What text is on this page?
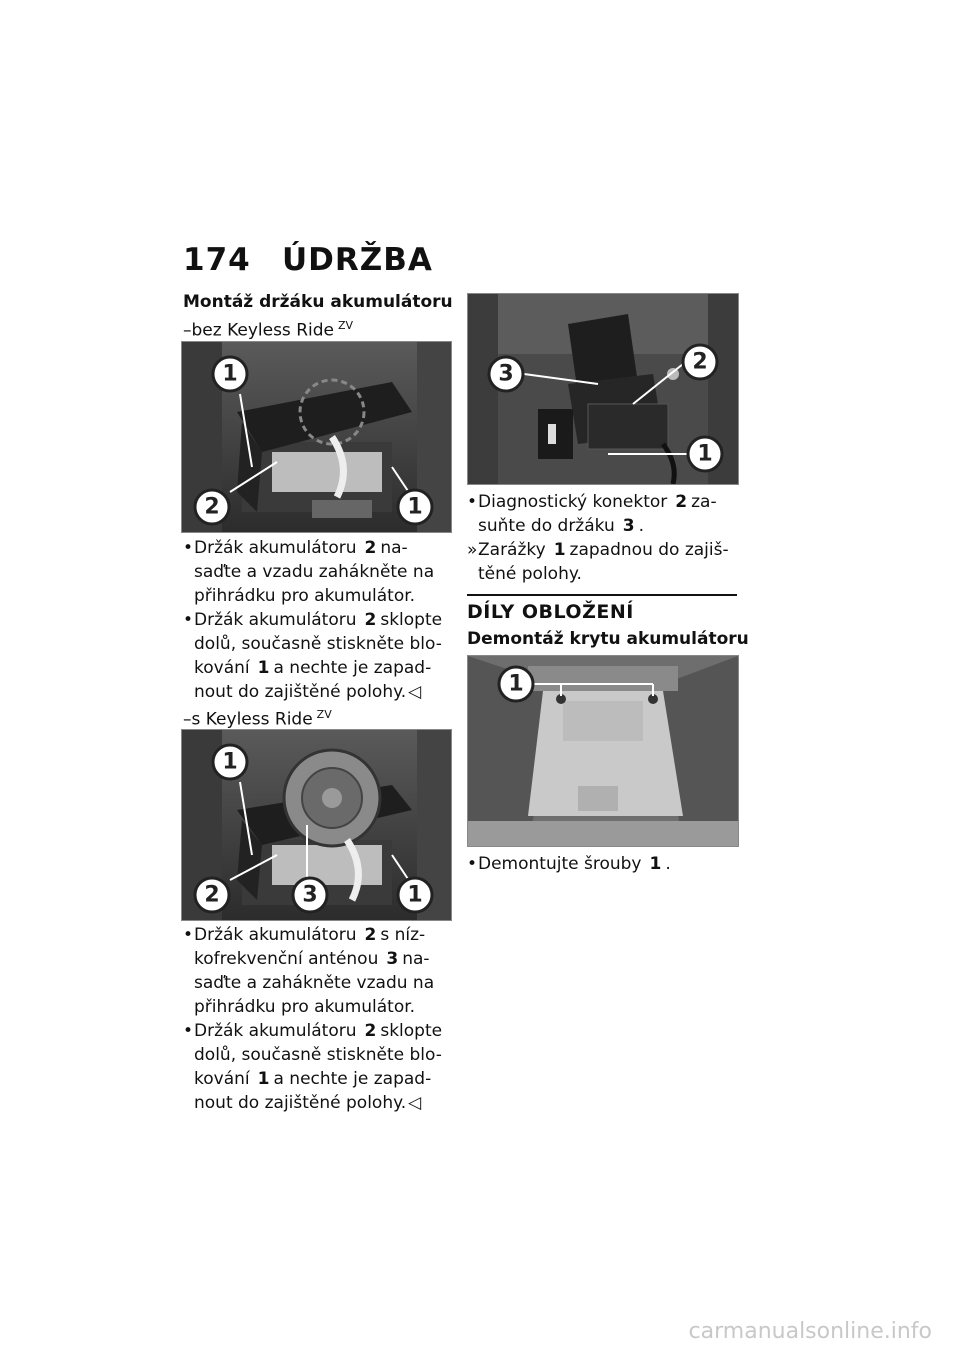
174 ÚDRŽBA
Montáž držáku akumulátoru
–bez Keyless Ride $^{ZV}$
1
2	1
• Držák akumulátoru 2 na-
saďte a vzadu zahákněte na
přihrádku pro akumulátor.
• Držák akumulátoru 2 sklopte
dolů, současně stiskněte blo-
kování 1 a nechte je zapad-
nout do zajištěné polohy. ◁
–s Keyless Ride $^{ZV}$
1
2	3	1
• Držák akumulátoru 2 s níz-
kofrekvenční anténou 3 na-
saďte a zahákněte vzadu na
přihrádku pro akumulátor.
• Držák akumulátoru 2 sklopte
dolů, současně stiskněte blo-
kování 1 a nechte je zapad-
nout do zajištěné polohy. ◁
3	2
1
• Diagnostický konektor 2 za-
suňte do držáku 3 .
» Zarážky 1 zapadnou do zajiš-
těné polohy.
DÍLY OBLOŽENÍ
Demontáž krytu akumulátoru
1
• Demontujte šrouby 1 .
carmanualsonline.info
